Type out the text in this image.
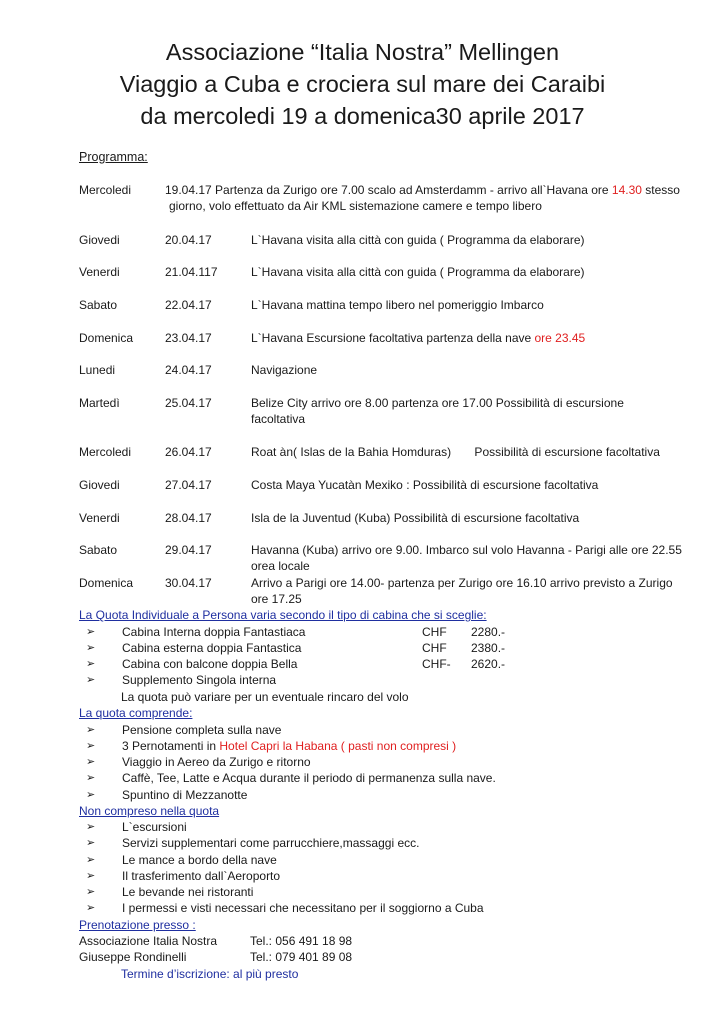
Associazione “Italia Nostra” Mellingen
Viaggio a Cuba e crociera sul mare dei Caraibi
da mercoledi 19 a domenica30 aprile 2017
Programma:
Mercoledi	19.04.17 Partenza da Zurigo ore 7.00 scalo ad Amsterdamm - arrivo all`Havana ore 14.30 stesso
giorno, volo effettuato da Air KML sistemazione camere e tempo libero
Giovedi	20.04.17	L`Havana visita alla città con guida ( Programma da elaborare)
Venerdi	21.04.117	L`Havana visita alla città con guida ( Programma da elaborare)
Sabato	22.04.17	L`Havana mattina tempo libero nel pomeriggio Imbarco
Domenica	23.04.17	L`Havana Escursione facoltativa partenza della nave ore 23.45
Lunedi	24.04.17	Navigazione
Martedì	25.04.17	Belize City arrivo ore 8.00 partenza ore 17.00 Possibilità di escursione
facoltativa
Mercoledi	26.04.17	Roat àn( Islas de la Bahia Homduras)       Possibilità di escursione facoltativa
Giovedi	27.04.17	Costa Maya Yucatàn Mexiko : Possibilità di escursione facoltativa
Venerdi	28.04.17	Isla de la Juventud (Kuba) Possibilità di escursione facoltativa
Sabato	29.04.17	Havanna (Kuba) arrivo ore 9.00. Imbarco sul volo Havanna - Parigi alle ore 22.55
orea locale
Domenica	30.04.17	Arrivo a Parigi ore 14.00- partenza per Zurigo ore 16.10 arrivo previsto a Zurigo
ore 17.25
La Quota Individuale a Persona varia secondo il tipo di cabina che si sceglie:
➢ Cabina Interna doppia Fantastiaca	CHF 2280.-
➢ Cabina esterna doppia Fantastica	CHF 2380.-
➢ Cabina con balcone doppia Bella	CHF- 2620.-
➢ Supplemento Singola interna
La quota può variare per un eventuale rincaro del volo
La quota comprende:
➢ Pensione completa sulla nave
➢ 3 Pernotamenti in Hotel Capri la Habana ( pasti non compresi )
➢ Viaggio in Aereo da Zurigo e ritorno
➢ Caffè, Tee, Latte e Acqua durante il periodo di permanenza sulla nave.
➢ Spuntino di Mezzanotte
Non compreso nella quota
➢ L`escursioni
➢ Servizi supplementari come parrucchiere,massaggi ecc.
➢ Le mance a bordo della nave
➢ Il trasferimento dall`Aeroporto
➢ Le bevande nei ristoranti
➢ I permessi e visti necessari che necessitano per il soggiorno a Cuba
Prenotazione presso :
Associazione Italia Nostra	Tel.: 056 491 18 98
Giuseppe Rondinelli	Tel.: 079 401 89 08
Termine d’iscrizione: al più presto
